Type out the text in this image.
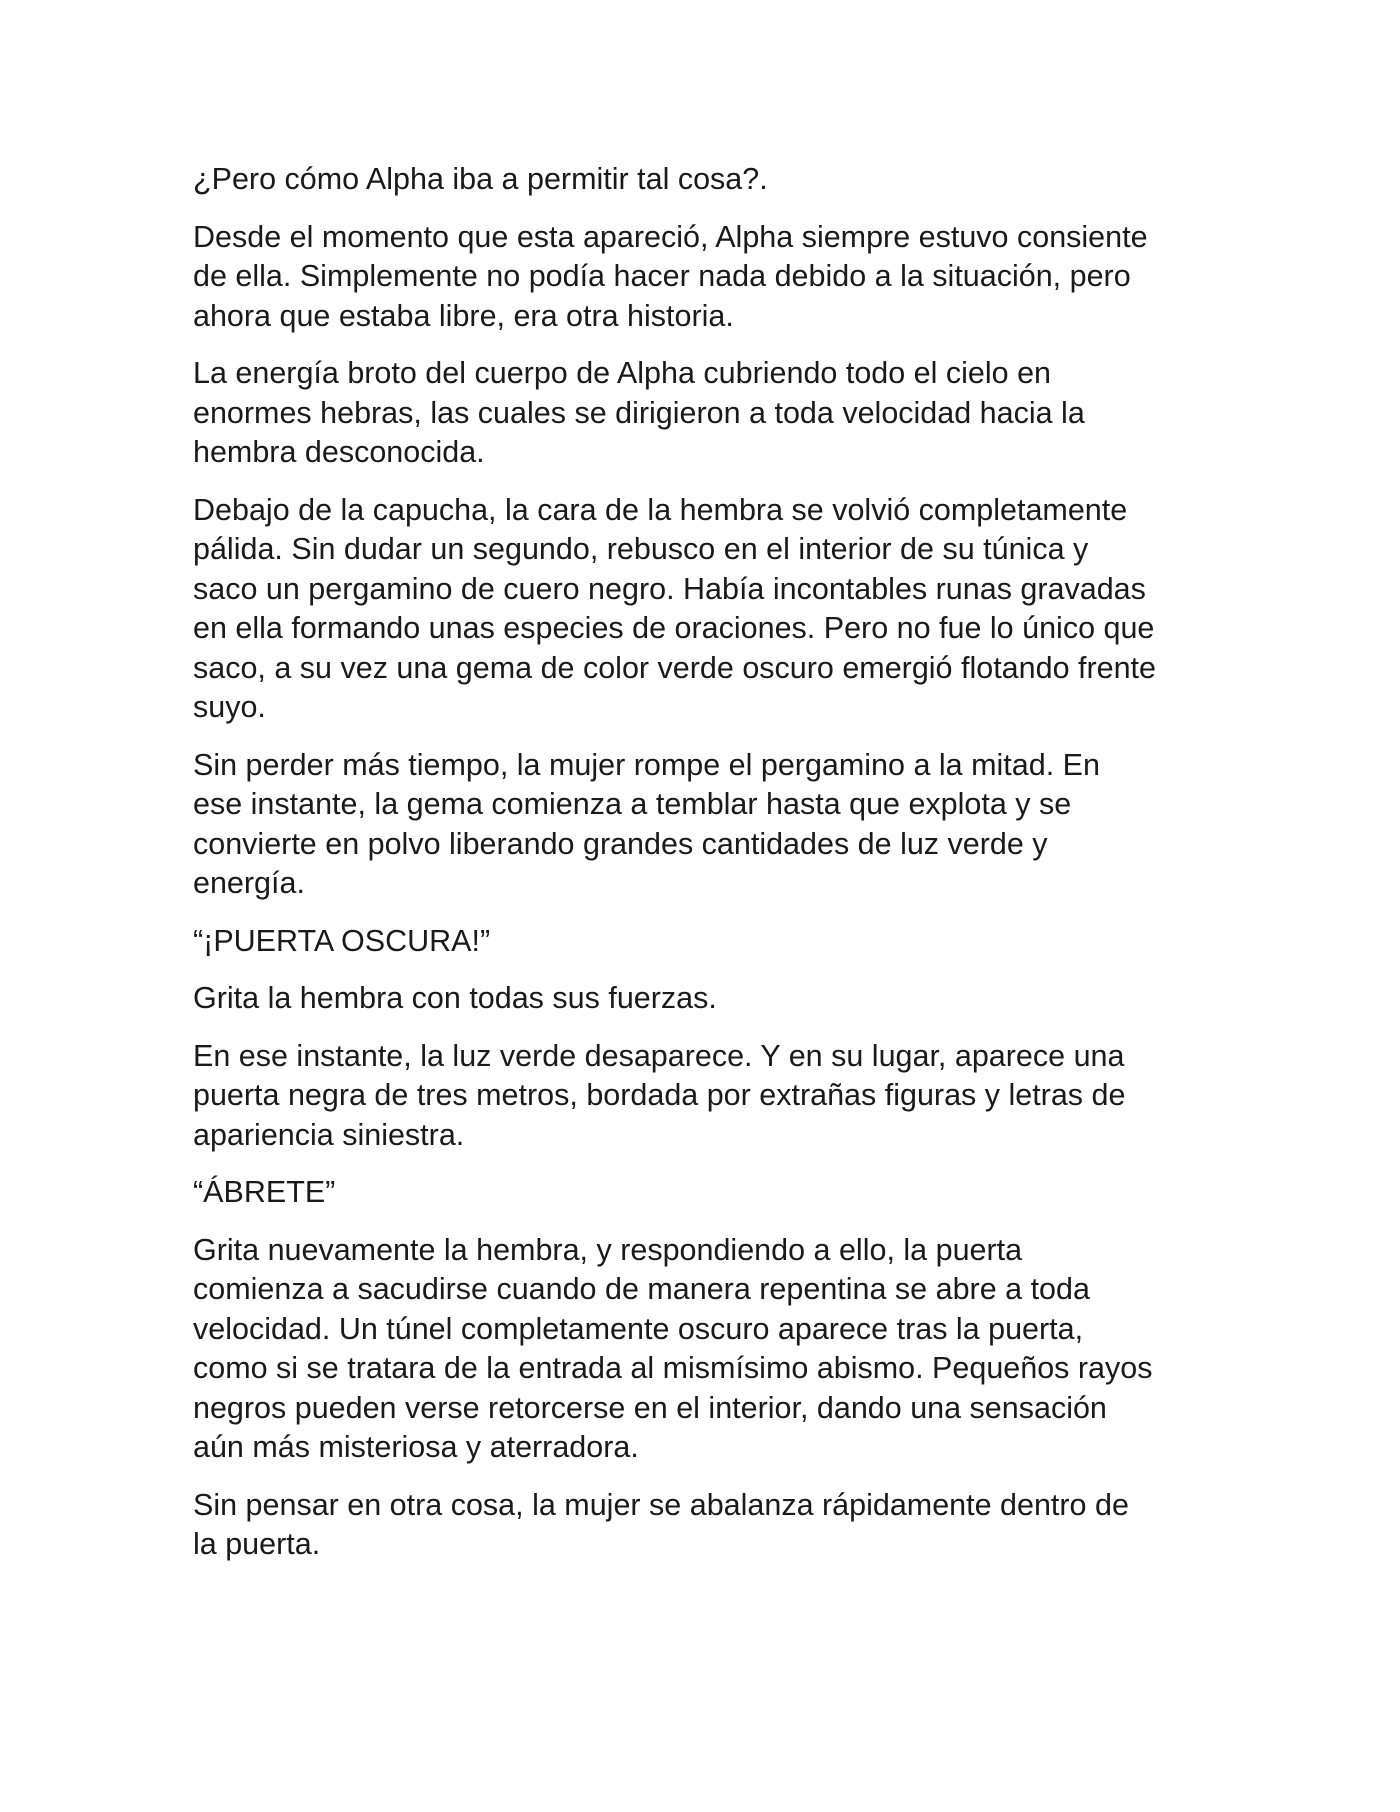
¿Pero cómo Alpha iba a permitir tal cosa?.

Desde el momento que esta apareció, Alpha siempre estuvo consiente
de ella. Simplemente no podía hacer nada debido a la situación, pero
ahora que estaba libre, era otra historia.

La energía broto del cuerpo de Alpha cubriendo todo el cielo en
enormes hebras, las cuales se dirigieron a toda velocidad hacia la
hembra desconocida.

Debajo de la capucha, la cara de la hembra se volvió completamente
pálida. Sin dudar un segundo, rebusco en el interior de su túnica y
saco un pergamino de cuero negro. Había incontables runas gravadas
en ella formando unas especies de oraciones. Pero no fue lo único que
saco, a su vez una gema de color verde oscuro emergió flotando frente
suyo.

Sin perder más tiempo, la mujer rompe el pergamino a la mitad. En
ese instante, la gema comienza a temblar hasta que explota y se
convierte en polvo liberando grandes cantidades de luz verde y
energía.

“¡PUERTA OSCURA!”

Grita la hembra con todas sus fuerzas.

En ese instante, la luz verde desaparece. Y en su lugar, aparece una
puerta negra de tres metros, bordada por extrañas figuras y letras de
apariencia siniestra.

“ÁBRETE”

Grita nuevamente la hembra, y respondiendo a ello, la puerta
comienza a sacudirse cuando de manera repentina se abre a toda
velocidad. Un túnel completamente oscuro aparece tras la puerta,
como si se tratara de la entrada al mismísimo abismo. Pequeños rayos
negros pueden verse retorcerse en el interior, dando una sensación
aún más misteriosa y aterradora.

Sin pensar en otra cosa, la mujer se abalanza rápidamente dentro de
la puerta.
